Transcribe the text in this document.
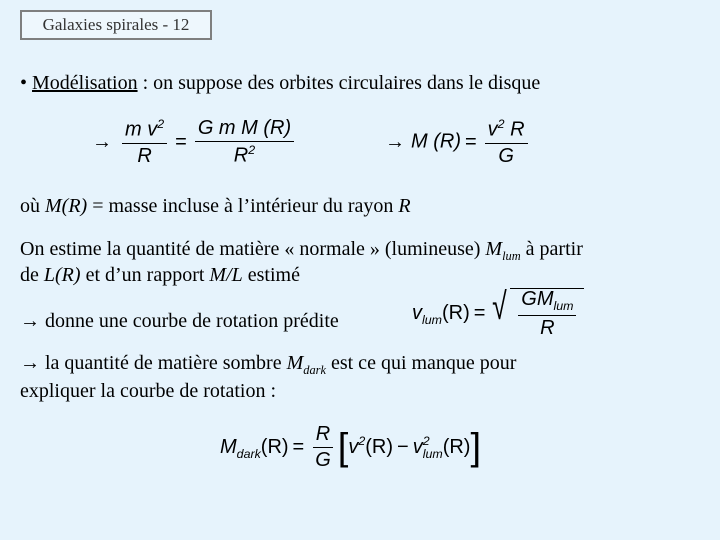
Galaxies spirales - 12
• Modélisation : on suppose des orbites circulaires dans le disque
→ $\frac{m v^2}{R} = \frac{\text{G m M (R)}}{R^2}$	→ M $(R) = \frac{v^2 R}{G}$
où M(R) = masse incluse à l’intérieur du rayon R
On estime la quantité de matière « normale » (lumineuse) $M_{lum}$ à partir
de L(R) et d’un rapport M/L estimé
→ donne une courbe de rotation prédite	$v_{lum}(R)$ = √ $\frac{GM_{lum}}{R}$
→ la quantité de matière sombre $M_{dark}$ est ce qui manque pour
expliquer la courbe de rotation :
$M_{dark}(R) = \frac{R}{G} [v^2(R) - v$ 2
lum (R)]
